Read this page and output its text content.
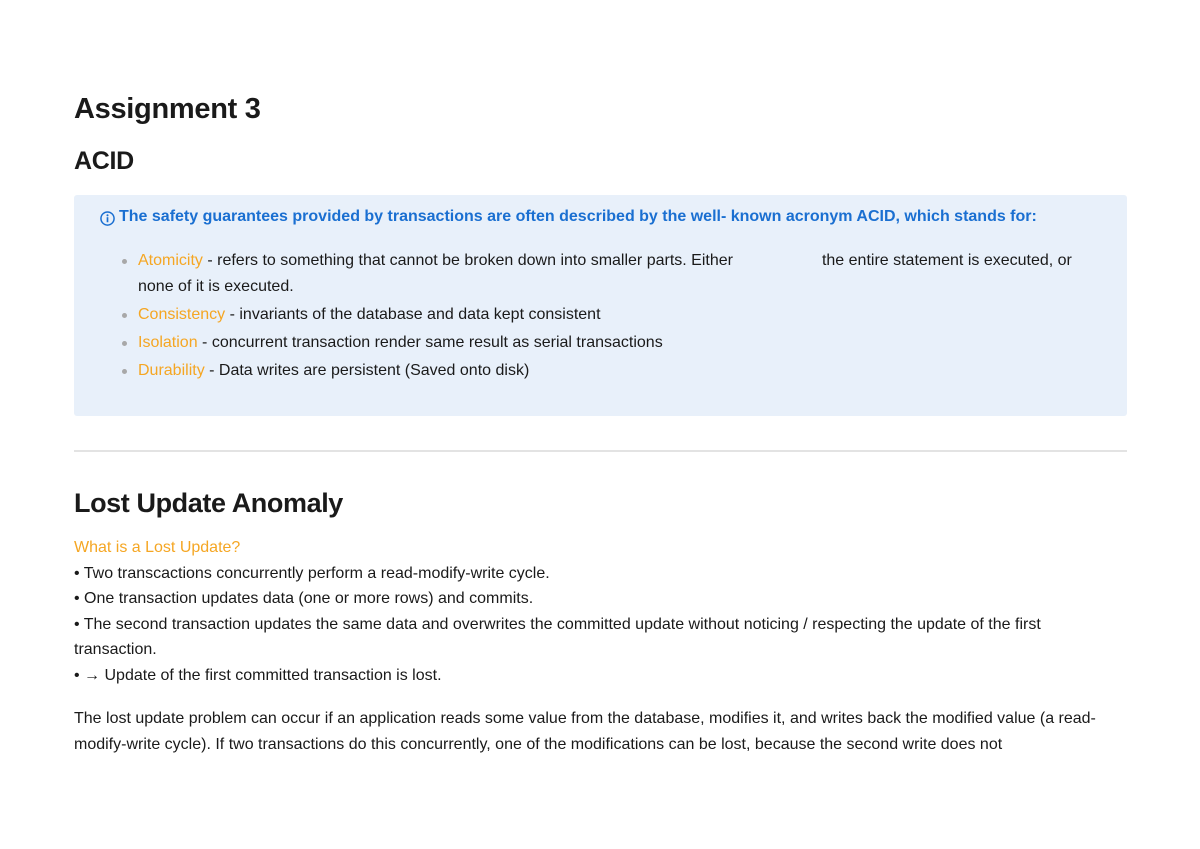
Assignment 3
ACID
The safety guarantees provided by transactions are often described by the well- known acronym ACID, which stands for:
Atomicity - refers to something that cannot be broken down into smaller parts. Either	the entire statement is executed, or none of it is executed.
Consistency - invariants of the database and data kept consistent
Isolation - concurrent transaction render same result as serial transactions
Durability - Data writes are persistent (Saved onto disk)
Lost Update Anomaly
What is a Lost Update?
• Two transcactions concurrently perform a read-modify-write cycle.
• One transaction updates data (one or more rows) and commits.
• The second transaction updates the same data and overwrites the committed update without noticing / respecting the update of the first transaction.
• → Update of the first committed transaction is lost.

The lost update problem can occur if an application reads some value from the database, modifies it, and writes back the modified value (a read-modify-write cycle). If two transactions do this concurrently, one of the modifications can be lost, because the second write does not
